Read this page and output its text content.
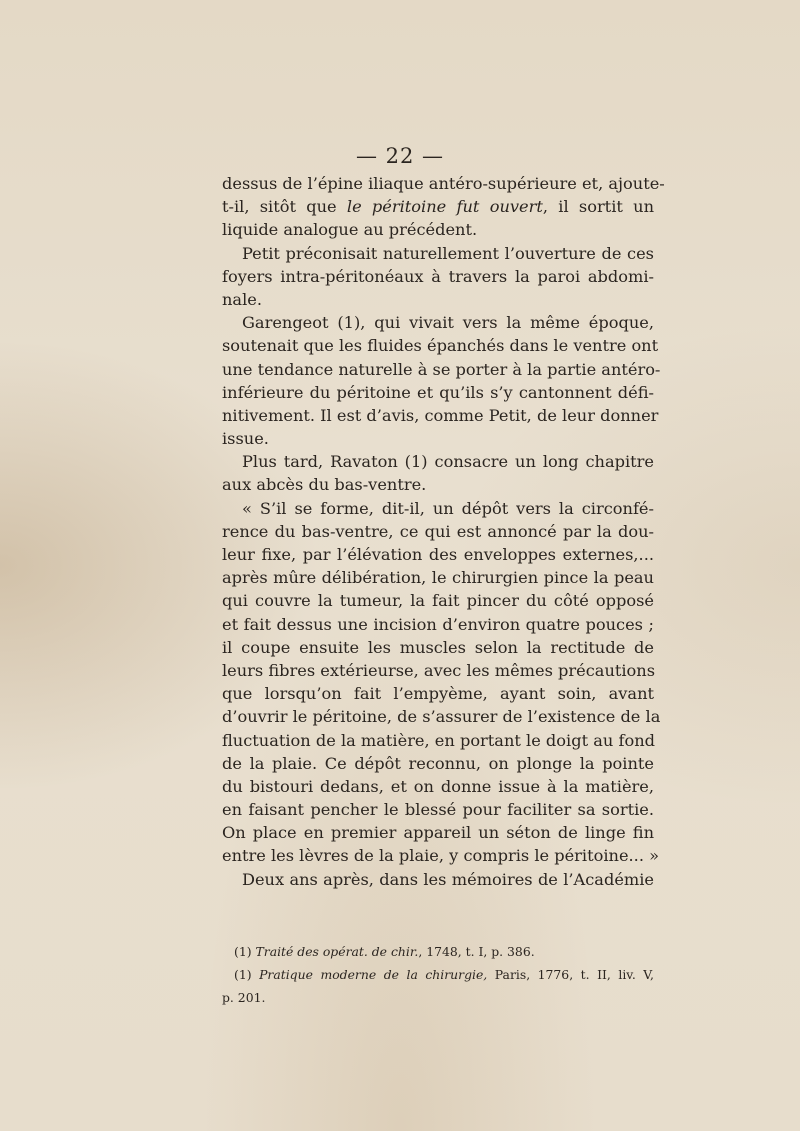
— 22 —
dessus de l’épine iliaque antéro-supérieure et, ajoute-
t-il, sitôt que le péritoine fut ouvert, il sortit un
liquide analogue au précédent.
Petit préconisait naturellement l’ouverture de ces
foyers intra-péritonéaux à travers la paroi abdomi-
nale.
Garengeot (1), qui vivait vers la même époque,
soutenait que les fluides épanchés dans le ventre ont
une tendance naturelle à se porter à la partie antéro-
inférieure du péritoine et qu’ils s’y cantonnent défi-
nitivement. Il est d’avis, comme Petit, de leur donner
issue.
Plus tard, Ravaton (1) consacre un long chapitre
aux abcès du bas-ventre.
« S’il se forme, dit-il, un dépôt vers la circonfé-
rence du bas-ventre, ce qui est annoncé par la dou-
leur fixe, par l’élévation des enveloppes externes,...
après mûre délibération, le chirurgien pince la peau
qui couvre la tumeur, la fait pincer du côté opposé
et fait dessus une incision d’environ quatre pouces ;
il coupe ensuite les muscles selon la rectitude de
leurs fibres extérieurse, avec les mêmes précautions
que lorsqu’on fait l’empyème, ayant soin, avant
d’ouvrir le péritoine, de s’assurer de l’existence de la
fluctuation de la matière, en portant le doigt au fond
de la plaie. Ce dépôt reconnu, on plonge la pointe
du bistouri dedans, et on donne issue à la matière,
en faisant pencher le blessé pour faciliter sa sortie.
On place en premier appareil un séton de linge fin
entre les lèvres de la plaie, y compris le péritoine... »
Deux ans après, dans les mémoires de l’Académie
(1) Traité des opérat. de chir., 1748, t. I, p. 386.
(1) Pratique moderne de la chirurgie, Paris, 1776, t. II, liv. V,
p. 201.
